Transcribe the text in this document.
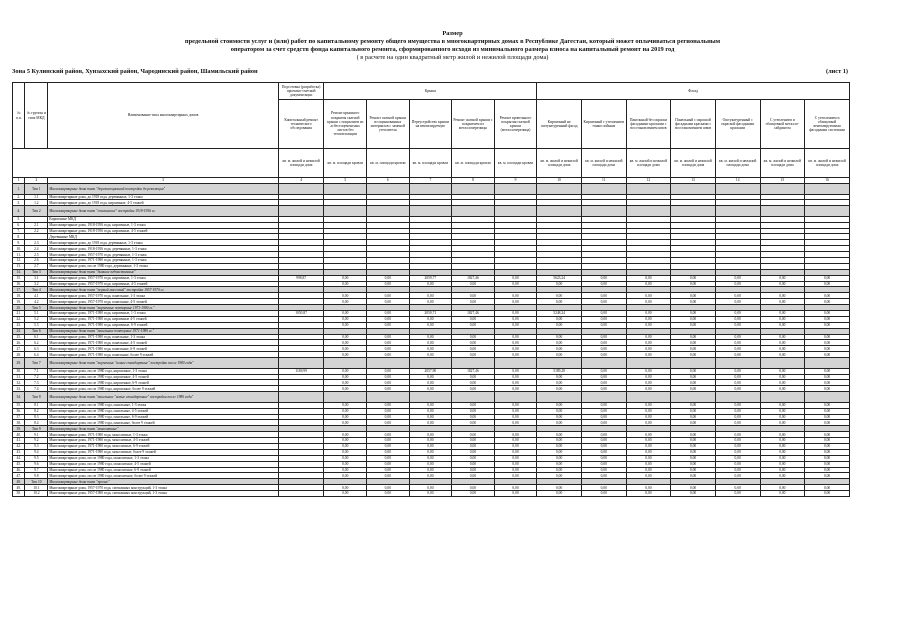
Размер
предельной стоимости услуг и (или) работ по капитальному ремонту общего имущества в многоквартирных домах в Республике Дагестан, который может оплачиваться региональным
оператором за счет средств фонда капитального ремонта, сформированного исходя из минимального размера взноса на капитальный ремонт на 2019 год
( в расчете на один квадратный метр жилой и нежилой площади дома)
Зона 5 Кулинский район, Хунзахский район, Чародинский район, Шамильский район	(лист 1)
№ п.п.	№ группы и типа МКД	Наименование типа многоквартирных домов	Подготовка (разработка) проектно-сметной документации	Крыша					Фасад						
			Капитальный ремонт технического обследования	Ремонт крышного покрытия скатной крыши с покрытием из асбестоцементных листов без теплоизоляции	Ремонт скатной крыши из оцинкованных материалов с заменой утеплителя	Переустройство крыши на вентилируемую	Ремонт скатной крыши с покрытием из металлочерепицы	Ремонт кровельного покрытия скатной крыши (металлочерепица)	Кирпичный не оштукатуренный фасад	Кирпичный с утеплением тонкослойным	Панельный без окраски фасадными красками с восстановлением швов	Панельный с окраской фасадными красками с восстановлением швов	Оштукатуренный с окраской фасадными красками	С утеплением и облицовкой металло-сайдингом	С утеплением и облицовкой вентилируемыми фасадными системами
			кв. м. жилой и нежилой площади дома	кв. м. площади кровли	кв. м. площади кровли	кв. м. площади кровли	кв. м. площади кровли	кв. м. площади кровли	кв. м. жилой и нежилой площади дома	кв. м. жилой и нежилой площади дома	кв. м. жилой и нежилой площади дома	кв. м. жилой и нежилой площади дома	кв. м. жилой и нежилой площади дома	кв. м. жилой и нежилой площади дома	кв. м. жилой и нежилой площади дома
1	2	3	4	5	6	7	8	9	10	11	12	13	14	15	16
1.	Тип 1	Многоквартирные дома типа "дореволюционной постройки до революции"													
2.	1.1	Многоквартирные дома, до 1918 года, деревянные, 1-3 этажа													
3.	1.2	Многоквартирные дома, до 1918 года, кирпичные, 4-5 этажей													
4.	Тип 2	Многоквартирные дома типа "сталинские" постройки 1918-1956 гг.													
5.		Кирпичные МКД													
6.	2.1	Многоквартирные дома, 1918-1956 года, кирпичные, 1-3 этажа													
7.	2.2	Многоквартирные дома, 1918-1956 года, кирпичные, 4-5 этажей													
8.		Деревянные МКД													
9.	2.3	Многоквартирные дома, до 1918 года, деревянные, 1-3 этажа													
10.	2.4	Многоквартирные дома, 1918-1956 года, деревянные, 1-3 этажа													
11.	2.5	Многоквартирные дома, 1957-1970 года, деревянные, 1-3 этажа													
12.	2.6	Многоквартирные дома, 1971-1980 года, деревянные, 1-3 этажа													
13.	2.7	Многоквартирные дома, после 1980 года, деревянные, 1-3 этажа													
14.	Тип 3	Многоквартирные дома типа "бывшие ведомственные"													
15.	3.1	Многоквартирные дома, 1957-1970 года, кирпичные, 1-3 этажа	998,87	0,00	0,00	2059,77	1827,46	0,00	5623,24	0,00	0,00	0,00	0,00	0,00	0,00
16.	3.2	Многоквартирные дома, 1957-1970 года, кирпичные, 4-5 этажей		0,00	0,00	0,00	0,00	0,00	0,00	0,00	0,00	0,00	0,00	0,00	0,00
17.	Тип 4	Многоквартирные дома типа "первый массовый" постройки 1957-1970 гг.													
18.	4.1	Многоквартирные дома, 1957-1970 года, панельные, 1-3 этажа		0,00	0,00	0,00	0,00	0,00	0,00	0,00	0,00	0,00	0,00	0,00	0,00
19.	4.2	Многоквартирные дома, 1957-1970 года, панельные, 4-5 этажей		0,00	0,00	0,00	0,00	0,00	0,00	0,00	0,00	0,00	0,00	0,00	0,00
20.	Тип 5	Многоквартирные дома типа "кирпичные повторные 1971-1980 гг."													
21.	5.1	Многоквартирные дома, 1971-1980 года, кирпичные, 1-3 этажа	1050,87	0,00	0,00	2050,71	1827,46	0,00	5248,24	0,00	0,00	0,00	0,00	0,00	0,00
22.	5.2	Многоквартирные дома, 1971-1980 года, кирпичные 4-5 этажей		0,00	0,00	0,00	0,00	0,00	0,00	0,00	0,00	0,00	0,00	0,00	0,00
23.	5.3	Многоквартирные дома, 1971-1980 года, кирпичные, 6-9 этажей		0,00	0,00	0,00	0,00	0,00	0,00	0,00	0,00	0,00	0,00	0,00	0,00
24.	Тип 6	Многоквартирные дома типа "панельные повторные 1971-1980 гг."													
25.	6.1	Многоквартирные дома, 1971-1980 года, панельные, 1-3 этажа		0,00	0,00	0,00	0,00	0,00	0,00	0,00	0,00	0,00	0,00	0,00	0,00
26.	6.2	Многоквартирные дома, 1971-1980 года, панельные, 4-5 этажей		0,00	0,00	0,00	0,00	0,00	0,00	0,00	0,00	0,00	0,00	0,00	0,00
27.	6.3	Многоквартирные дома, 1971-1980 года, панельные, 6-9 этажей		0,00	0,00	0,00	0,00	0,00	0,00	0,00	0,00	0,00	0,00	0,00	0,00
28.	6.4	Многоквартирные дома, 1971-1980 года, панельные, более 9 этажей		0,00	0,00	0,00	0,00	0,00	0,00	0,00	0,00	0,00	0,00	0,00	0,00
29.	Тип 7	Многоквартирные дома типа "кирпичные "новые стандартные" постройки после 1980 года"													
30.	7.1	Многоквартирные дома, после 1980 года, кирпичные, 1-3 этажа	1169,99	0,00	0,00	2057,90	1827,46	0,00	5189,28	0,00	0,00	0,00	0,00	0,00	0,00
31.	7.2	Многоквартирные дома, после 1980 года, кирпичные, 4-5 этажей		0,00	0,00	0,00	0,00	0,00	0,00	0,00	0,00	0,00	0,00	0,00	0,00
32.	7.3	Многоквартирные дома, после 1980 года, кирпичные, 6-9 этажей		0,00	0,00	0,00	0,00	0,00	0,00	0,00	0,00	0,00	0,00	0,00	0,00
33.	7.4	Многоквартирные дома, после 1980 года, кирпичные, более 9 этажей		0,00	0,00	0,00	0,00	0,00	0,00	0,00	0,00	0,00	0,00	0,00	0,00
34.	Тип 8	Многоквартирные дома типа "панельные "новые стандартные" постройки после 1980 года"													
35.	8.1	Многоквартирные дома, после 1980 года, панельные, 1-3 этажа		0,00	0,00	0,00	0,00	0,00	0,00	0,00	0,00	0,00	0,00	0,00	0,00
36.	8.2	Многоквартирные дома, после 1980 года, панельные, 4-5 этажей		0,00	0,00	0,00	0,00	0,00	0,00	0,00	0,00	0,00	0,00	0,00	0,00
37.	8.3	Многоквартирные дома, после 1980 года, панельные, 6-9 этажей		0,00	0,00	0,00	0,00	0,00	0,00	0,00	0,00	0,00	0,00	0,00	0,00
38.	8.4	Многоквартирные дома, после 1980 года, панельные, более 9 этажей		0,00	0,00	0,00	0,00	0,00	0,00	0,00	0,00	0,00	0,00	0,00	0,00
39.	Тип 9	Многоквартирные дома типа "монолитные"													
40.	9.1	Многоквартирные дома, 1971-1980 года, монолитные, 1-3 этажа		0,00	0,00	0,00	0,00	0,00	0,00	0,00	0,00	0,00	0,00	0,00	0,00
41.	9.2	Многоквартирные дома, 1971-1980 года, монолитные, 4-5 этажей		0,00	0,00	0,00	0,00	0,00	0,00	0,00	0,00	0,00	0,00	0,00	0,00
42.	9.3	Многоквартирные дома, 1971-1980 года, монолитные, 6-9 этажей		0,00	0,00	0,00	0,00	0,00	0,00	0,00	0,00	0,00	0,00	0,00	0,00
43.	9.4	Многоквартирные дома, 1971-1980 года, монолитные, более 9 этажей		0,00	0,00	0,00	0,00	0,00	0,00	0,00	0,00	0,00	0,00	0,00	0,00
44.	9.5	Многоквартирные дома, после 1980 года, монолитные, 1-3 этажа		0,00	0,00	0,00	0,00	0,00	0,00	0,00	0,00	0,00	0,00	0,00	0,00
45.	9.6	Многоквартирные дома, после 1980 года, монолитные, 4-5 этажей		0,00	0,00	0,00	0,00	0,00	0,00	0,00	0,00	0,00	0,00	0,00	0,00
46.	9.7	Многоквартирные дома, после 1980 года, монолитные, 6-9 этажей		0,00	0,00	0,00	0,00	0,00	0,00	0,00	0,00	0,00	0,00	0,00	0,00
47.	9.8	Многоквартирные дома, после 1980 года, монолитные, более 9 этажей		0,00	0,00	0,00	0,00	0,00	0,00	0,00	0,00	0,00	0,00	0,00	0,00
48.	Тип 10	Многоквартирные дома типа "прочие"													
49.	10.1	Многоквартирные дома, 1957-1970 года, смешанных конструкций, 1-3 этажа		0,00	0,00	0,00	0,00	0,00	0,00	0,00	0,00	0,00	0,00	0,00	0,00
50.	10.2	Многоквартирные дома, 1957-1980 года, смешанных конструкций, 1-3 этажа		0,00	0,00	0,00	0,00	0,00	0,00	0,00	0,00	0,00	0,00	0,00	0,00
